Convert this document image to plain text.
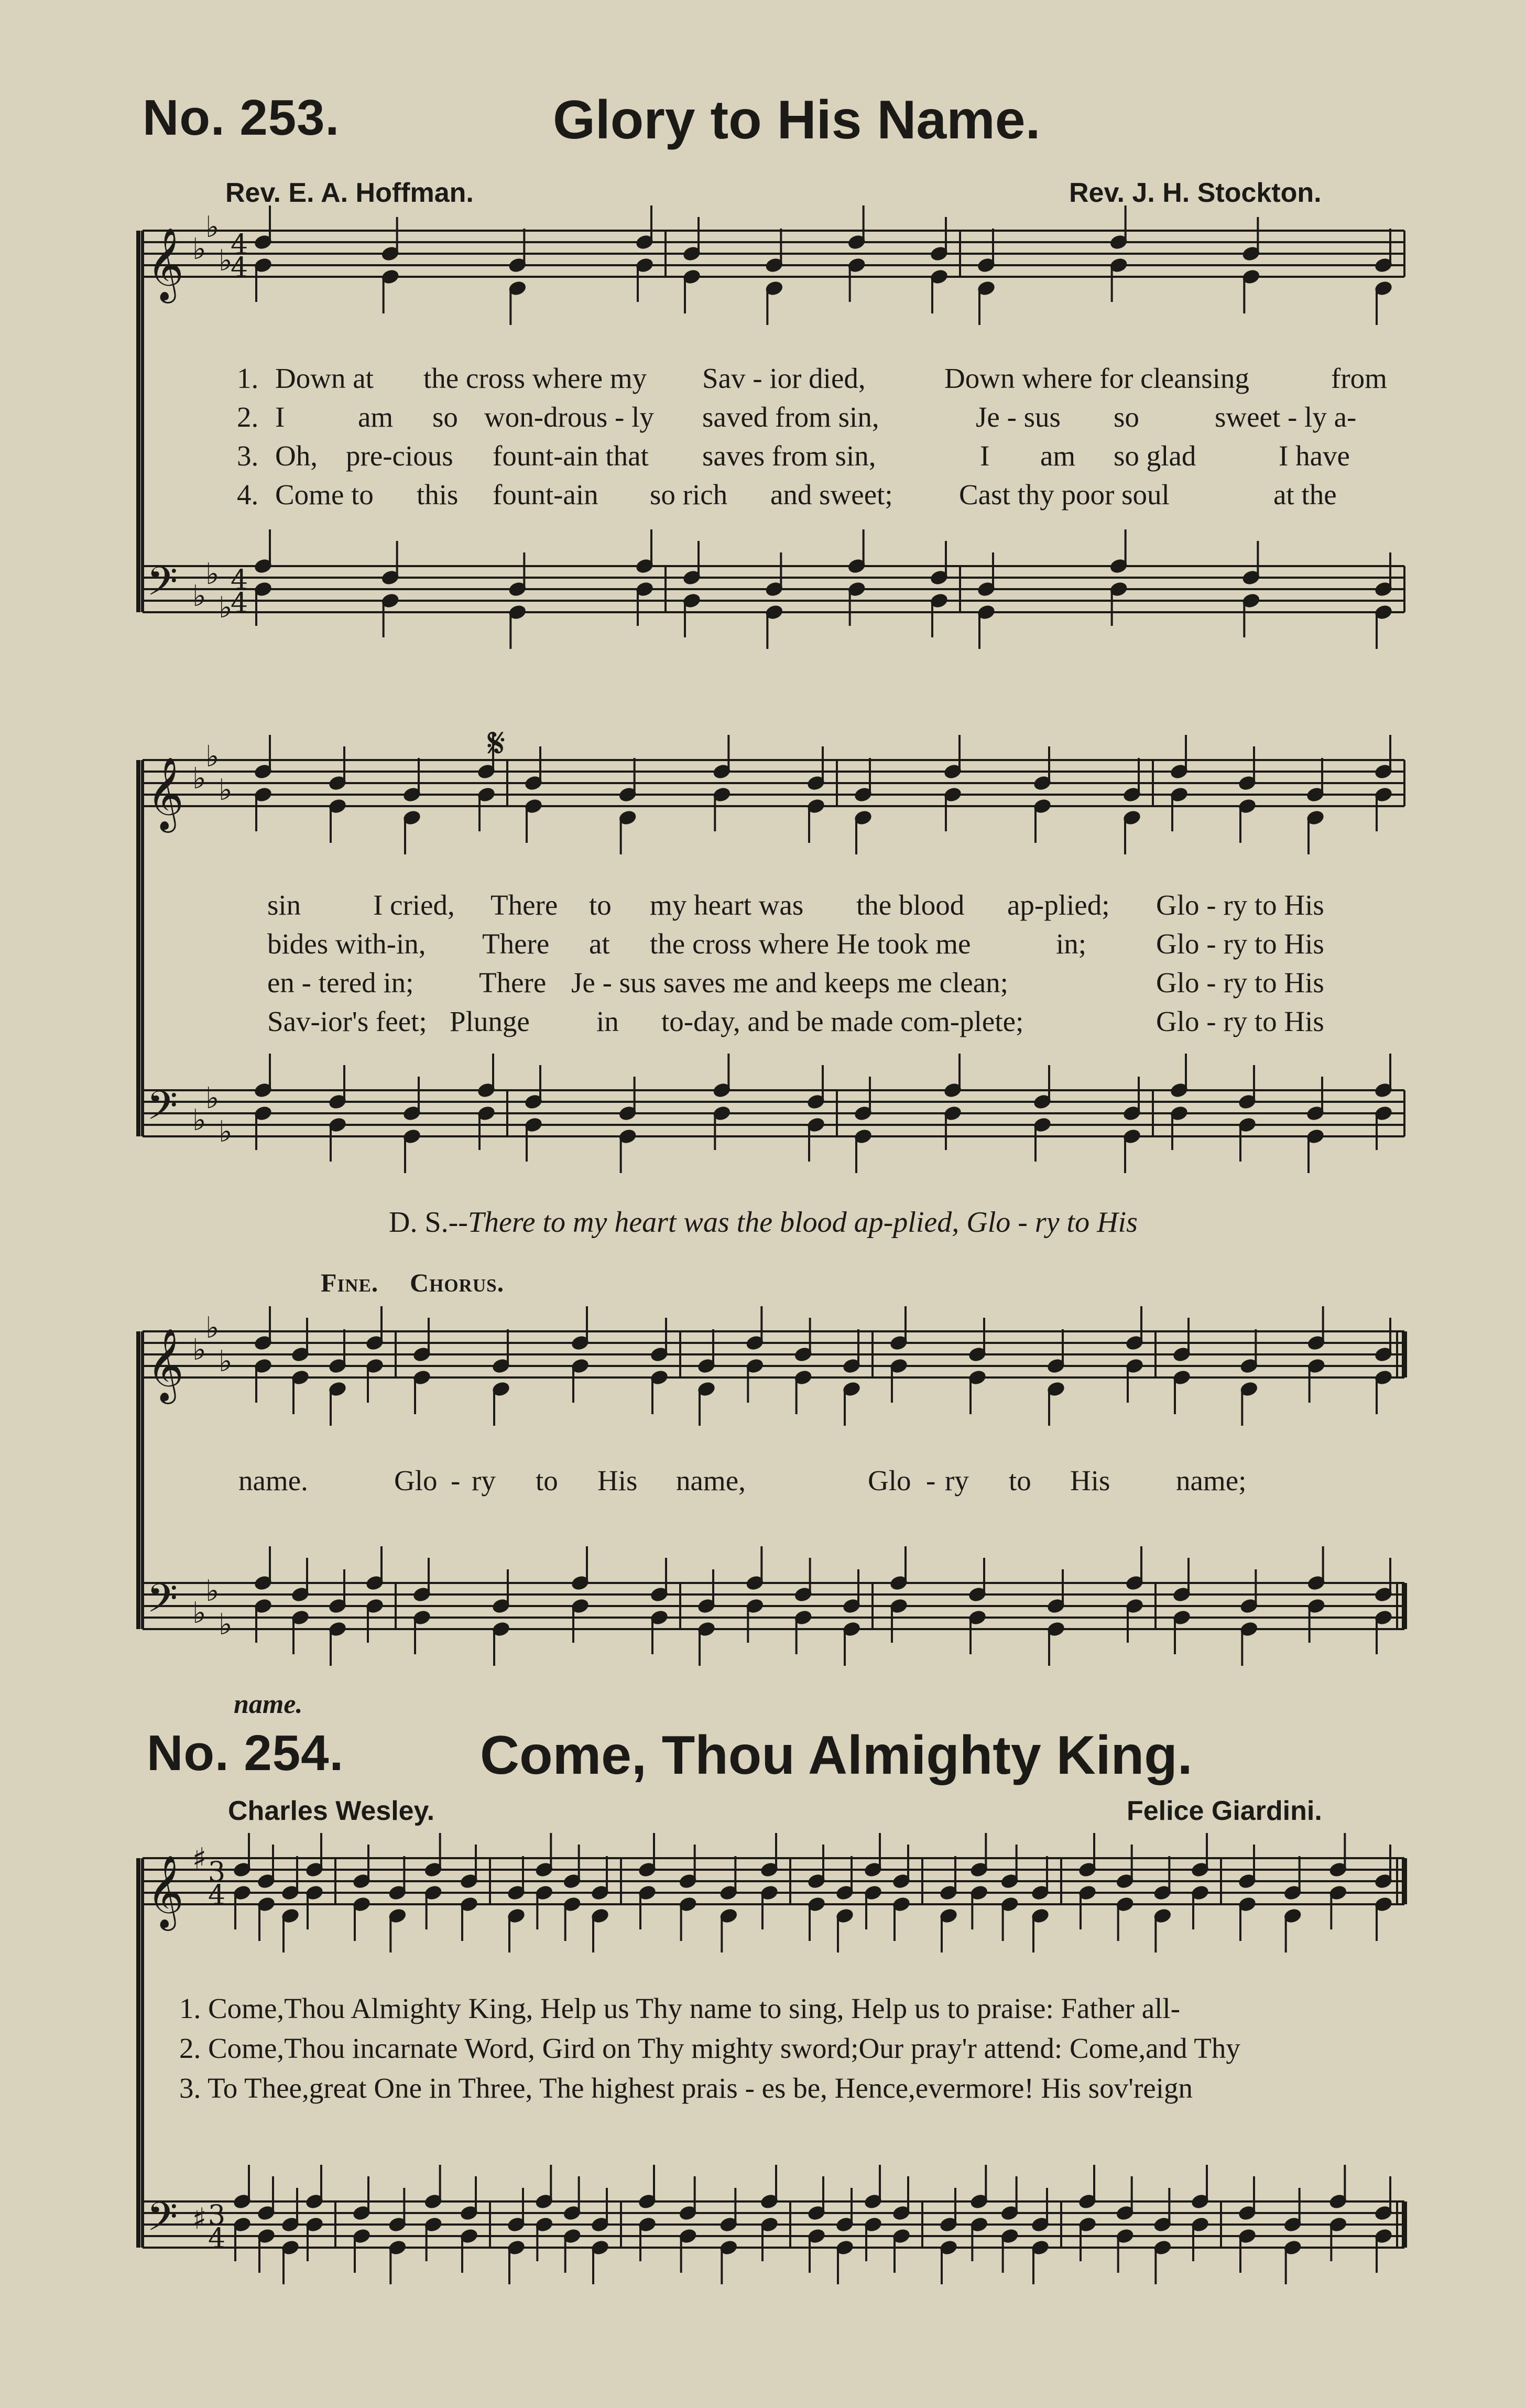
No. 253.	Glory to His Name.
Rev. E. A. Hoffman.	Rev. J. H. Stockton.
𝄞
𝄢
♭
♭
♭
♭
♭
♭
4
4
4
4
𝄞
𝄢
♭
♭
♭
♭
♭
♭
𝄞
𝄢
♭
♭
♭
♭
♭
♭
𝄞
𝄢
♯
♯
3
4
3
4
𝄋
1. Down at the cross where my Sav - ior died,	Down where for cleansing	from
2. I	am so won-drous - ly saved from sin,	Je - sus so	sweet - ly a-
3. Oh, pre-cious fount-ain that saves from sin,	I am so glad	I have
4. Come to this fount-ain so rich and sweet; Cast thy poor soul	at the
sin	I cried, There to my heart was the blood ap-plied; Glo - ry to His
bides with-in, There at the cross where He took me	in; Glo - ry to His
en - tered in; There Je - sus saves me and keeps me clean;	Glo - ry to His
Sav-ior's feet; Plunge in to-day, and be made com-plete;	Glo - ry to His
D. S.--There to my heart was the blood ap-plied, Glo - ry to His
Fine. Chorus.
name.	Glo - ry to His name,	Glo - ry to His name;
name.
No. 254. Come, Thou Almighty King.
Charles Wesley.	Felice Giardini.
1. Come,Thou Almighty King, Help us Thy name to sing, Help us to praise: Father all-
2. Come,Thou incarnate Word, Gird on Thy mighty sword;Our pray'r attend: Come,and Thy
3. To Thee,great One in Three, The highest prais - es be, Hence,evermore! His sov'reign
